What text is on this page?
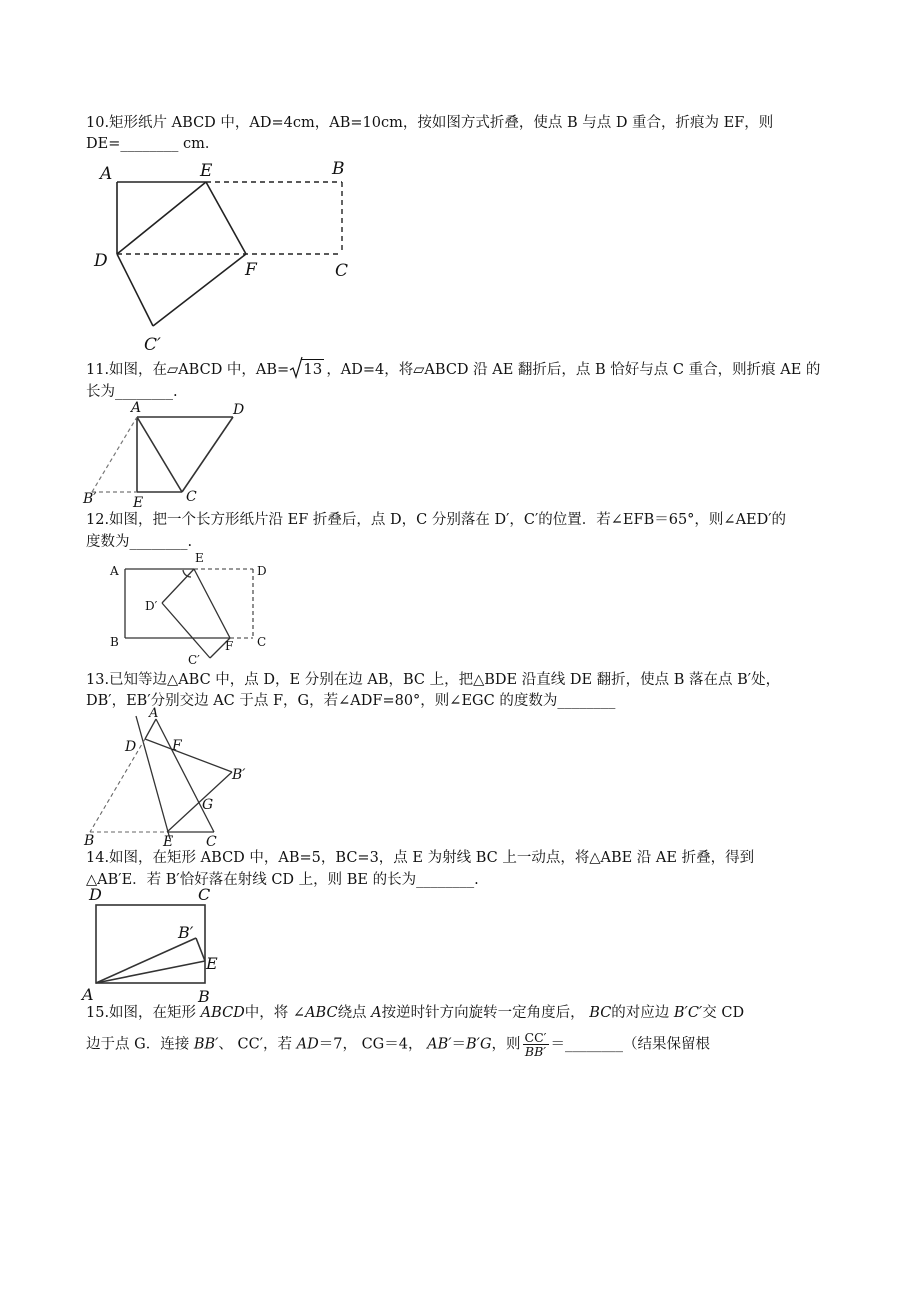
10.矩形纸片 ABCD 中，AD=4cm，AB=10cm，按如图方式折叠，使点 B 与点 D 重合，折痕为 EF，则
DE=________ cm．
A	E	B
D	F	C
C′
11.如图，在▱ABCD 中，AB= 13 ，AD=4，将▱ABCD 沿 AE 翻折后，点 B 恰好与点 C 重合，则折痕 AE 的
长为________.
A	D
B′	E	C
12.如图，把一个长方形纸片沿 EF 折叠后，点 D，C 分别落在 D′，C′的位置．若∠EFB＝65°，则∠AED′的
度数为________.
A
E
D
D′
B	F C
C′
13.已知等边△ABC 中，点 D，E 分别在边 AB，BC 上，把△BDE 沿直线 DE 翻折，使点 B 落在点 B′处，
DB′，EB′分别交边 AC 于点 F，G，若∠ADF=80°，则∠EGC 的度数为________
A
D	F
B′
G
B	E C
14.如图，在矩形 ABCD 中，AB=5，BC=3，点 E 为射线 BC 上一动点，将△ABE 沿 AE 折叠，得到
△AB′E．若 B′恰好落在射线 CD 上，则 BE 的长为________.
D	C
B′
E
A	B
15.如图，在矩形 ABCD中，将 ∠ABC绕点 A按逆时针方向旋转一定角度后， BC的对应边 B′C′交 CD
边于点 G．连接 BB′、 CC′，若 AD＝7， CG＝4， AB′＝B′G，则 $\frac{CC'}{BB'}$ ＝________（结果保留根
